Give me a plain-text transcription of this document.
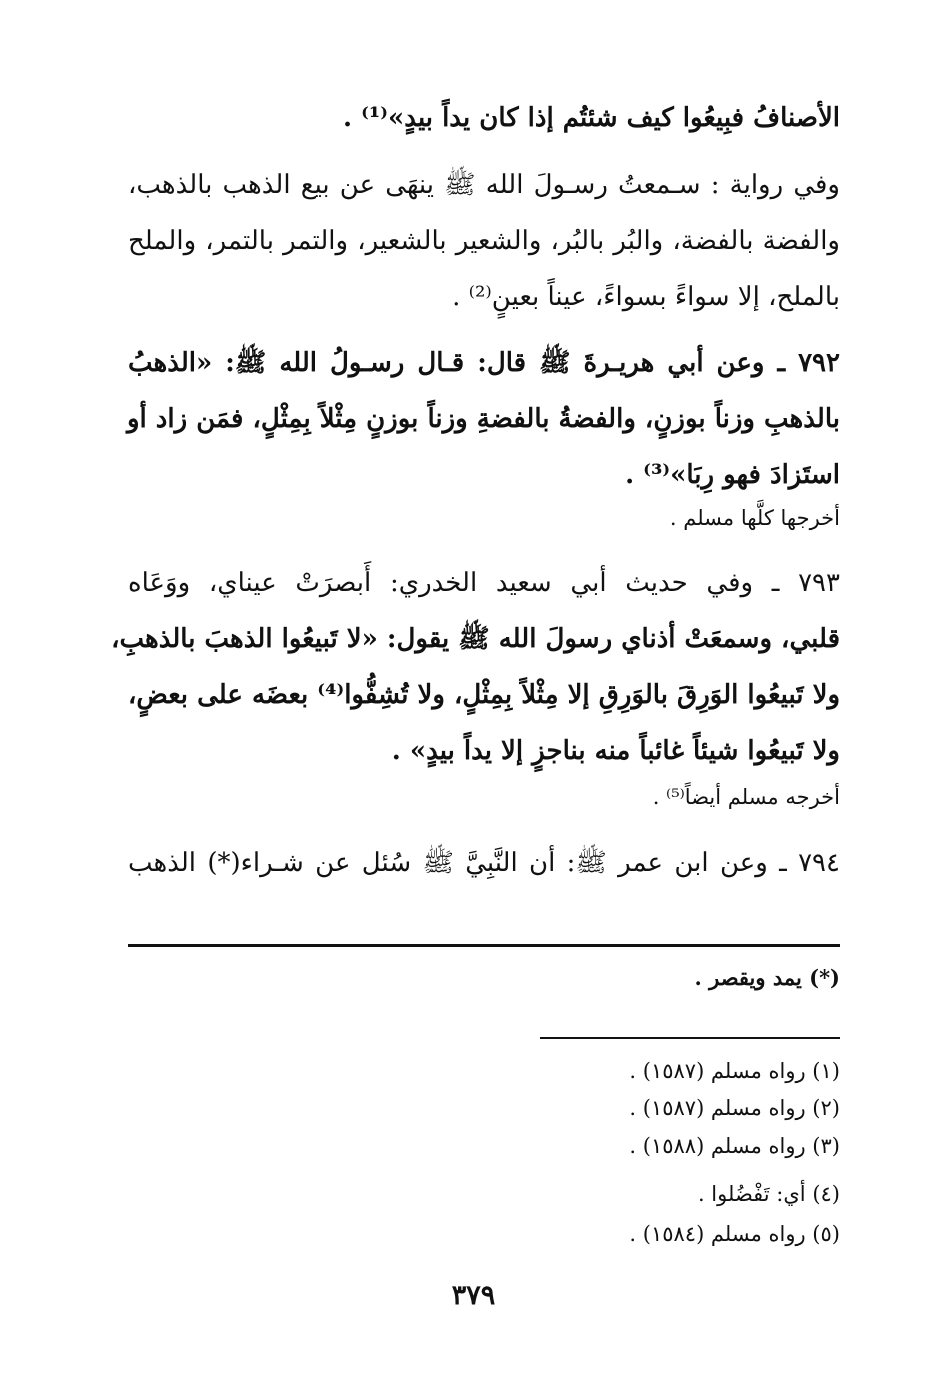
الأصنافُ فبِيعُوا كيف شئتُم إذا كان يداً بيدٍ»⁽¹⁾ .
وفي رواية : سـمعتُ رسـولَ الله ﷺ ينهَى عن بيع الذهب بالذهب،
والفضة بالفضة، والبُر بالبُر، والشعير بالشعير، والتمر بالتمر، والملح
بالملح، إلا سواءً بسواءً، عيناً بعينٍ⁽²⁾ .
٧٩٢ ـ وعن أبي هريـرةَ ﷺ قال: قـال رسـولُ الله ﷺ: «الذهبُ
بالذهبِ وزناً بوزنٍ، والفضةُ بالفضةِ وزناً بوزنٍ مِثْلاً بِمِثْلٍ، فمَن زاد أو
استَزادَ فهو رِبَا»⁽³⁾ .
أخرجها كلَّها مسلم .
٧٩٣ ـ وفي حديث أبي سعيد الخدري: أَبصرَتْ عيناي، ووَعَاه
قلبي، وسمعَتْ أذناي رسولَ الله ﷺ يقول: «لا تَبيعُوا الذهبَ بالذهبِ،
ولا تَبيعُوا الوَرِقَ بالوَرِقِ إلا مِثْلاً بِمِثْلٍ، ولا تُشِفُّوا⁽⁴⁾ بعضَه على بعضٍ،
ولا تَبيعُوا شيئاً غائباً منه بناجزٍ إلا يداً بيدٍ» .
أخرجه مسلم أيضاً⁽⁵⁾ .
٧٩٤ ـ وعن ابن عمر ﷺ: أن النَّبِيَّ ﷺ سُئل عن شـراء(*) الذهب
(*) يمد ويقصر .
(١) رواه مسلم (١٥٨٧) .
(٢) رواه مسلم (١٥٨٧) .
(٣) رواه مسلم (١٥٨٨) .
(٤) أي: تَفْضُلوا .
(٥) رواه مسلم (١٥٨٤) .
٣٧٩
